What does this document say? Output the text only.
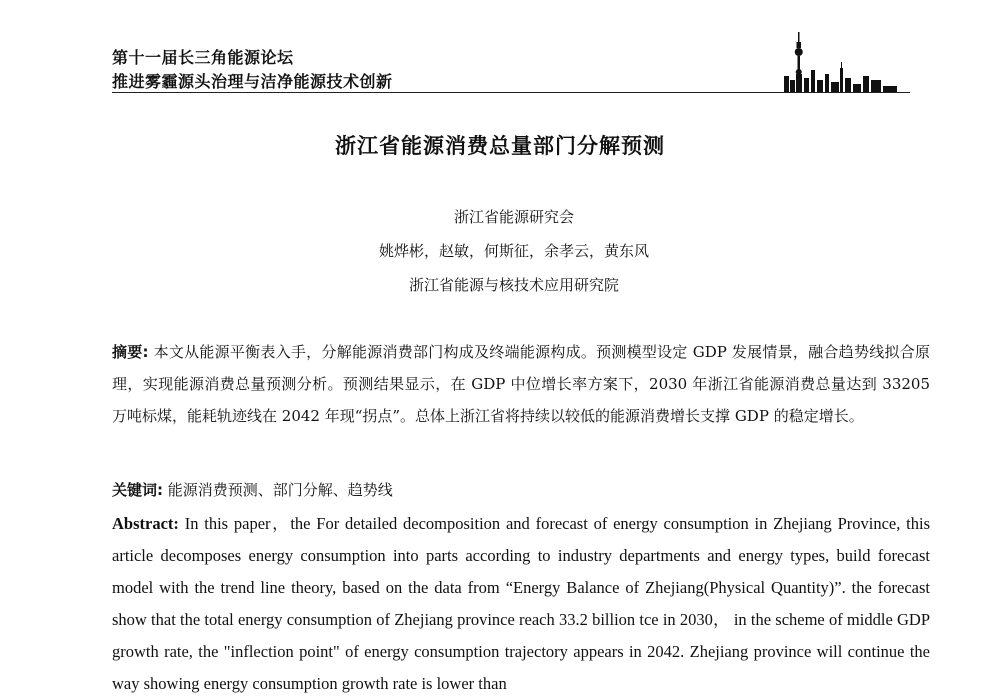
第十一届长三角能源论坛
推进雾霾源头治理与洁净能源技术创新
浙江省能源消费总量部门分解预测
浙江省能源研究会
姚烨彬，赵敏，何斯征，余孝云，黄东风
浙江省能源与核技术应用研究院
摘要: 本文从能源平衡表入手，分解能源消费部门构成及终端能源构成。预测模型设定 GDP 发展情景，融合趋势线拟合原理，实现能源消费总量预测分析。预测结果显示，在 GDP 中位增长率方案下，2030 年浙江省能源消费总量达到 33205 万吨标煤，能耗轨迹线在 2042 年现“拐点”。总体上浙江省将持续以较低的能源消费增长支撑 GDP 的稳定增长。
关键词: 能源消费预测、部门分解、趋势线
Abstract: In this paper，the For detailed decomposition and forecast of energy consumption in Zhejiang Province, this article decomposes energy consumption into parts according to industry departments and energy types, build forecast model with the trend line theory, based on the data from “Energy Balance of Zhejiang(Physical Quantity)”. the forecast show that the total energy consumption of Zhejiang province reach 33.2 billion tce in 2030， in the scheme of middle GDP growth rate, the "inflection point" of energy consumption trajectory appears in 2042. Zhejiang province will continue the way showing energy consumption growth rate is lower than
